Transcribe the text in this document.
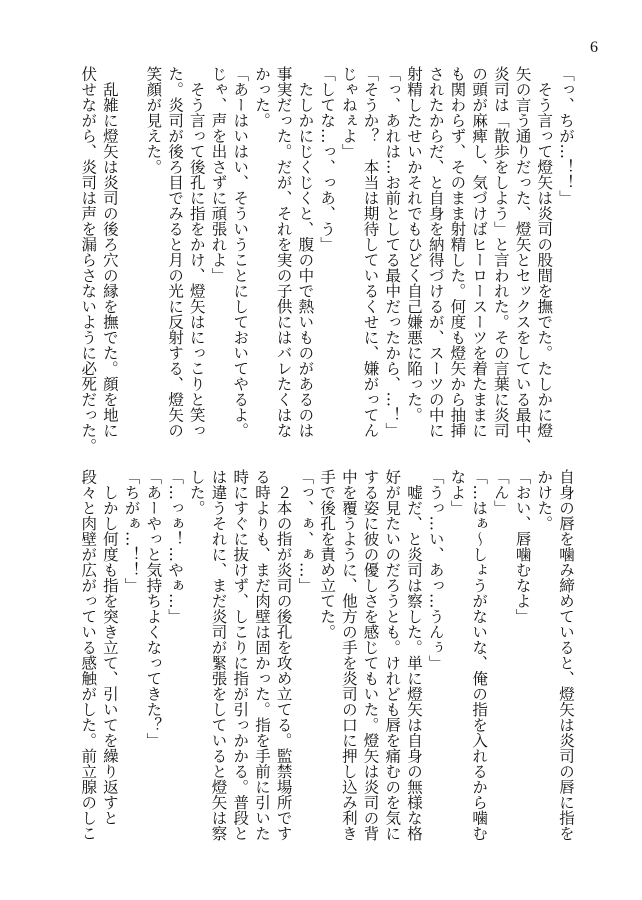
6
「っ、ちが…！！」
　そう言って燈矢は炎司の股間を撫でた。たしかに燈
矢の言う通りだった、燈矢とセックスをしている最中、
炎司は「散歩をしよう」と言われた。その言葉に炎司
の頭が麻痺し、気づけばヒーロースーツを着たままに
も関わらず、そのまま射精した。何度も燈矢から抽挿
されたからだ、と自身を納得づけるが、スーツの中に
射精したせいかそれでもひどく自己嫌悪に陥った。
「っ、あれは…お前としてる最中だったから、…！」
「そうか？　本当は期待しているくせに、嫌がってん
じゃねぇよ」
「してな…っ、っあ、う」
　たしかにじくじくと、腹の中で熱いものがあるのは
事実だった。だが、それを実の子供にはバレたくはな
かった。
「あーはいはい、そういうことにしておいてやるよ。
じゃ、声を出さずに頑張れよ」
　そう言って後孔に指をかけ、燈矢はにっこりと笑っ
た。炎司が後ろ目でみると月の光に反射する、燈矢の
笑顔が見えた。
　乱雑に燈矢は炎司の後ろ穴の縁を撫でた。顔を地に
伏せながら、炎司は声を漏らさないように必死だった。
自身の唇を噛み締めていると、燈矢は炎司の唇に指を
かけた。
「おい、唇噛むなよ」
「ん」
「…はぁ〜しょうがないな、俺の指を入れるから噛む
なよ」
「うっ…い、あっ…うんぅ」
　嘘だ、と炎司は察した。単に燈矢は自身の無様な格
好が見たいのだろうとも。けれども唇を痛むのを気に
する姿に彼の優しさを感じてもいた。燈矢は炎司の背
中を覆うように、他方の手を炎司の口に押し込み利き
手で後孔を責め立てた。
「っ、ぁ、ぁ…」
　２本の指が炎司の後孔を攻め立てる。監禁場所です
る時よりも、まだ肉壁は固かった。指を手前に引いた
時にすぐに抜けず、しこりに指が引っかかる。普段と
は違うそれに、まだ炎司が緊張をしていると燈矢は察
した。
「…っぁ！…やぁ…」
「あーやっと気持ちよくなってきた？」
「ちがぁ…！！」
　しかし何度も指を突き立て、引いてを繰り返すと
段々と肉壁が広がっている感触がした。前立腺のしこ
